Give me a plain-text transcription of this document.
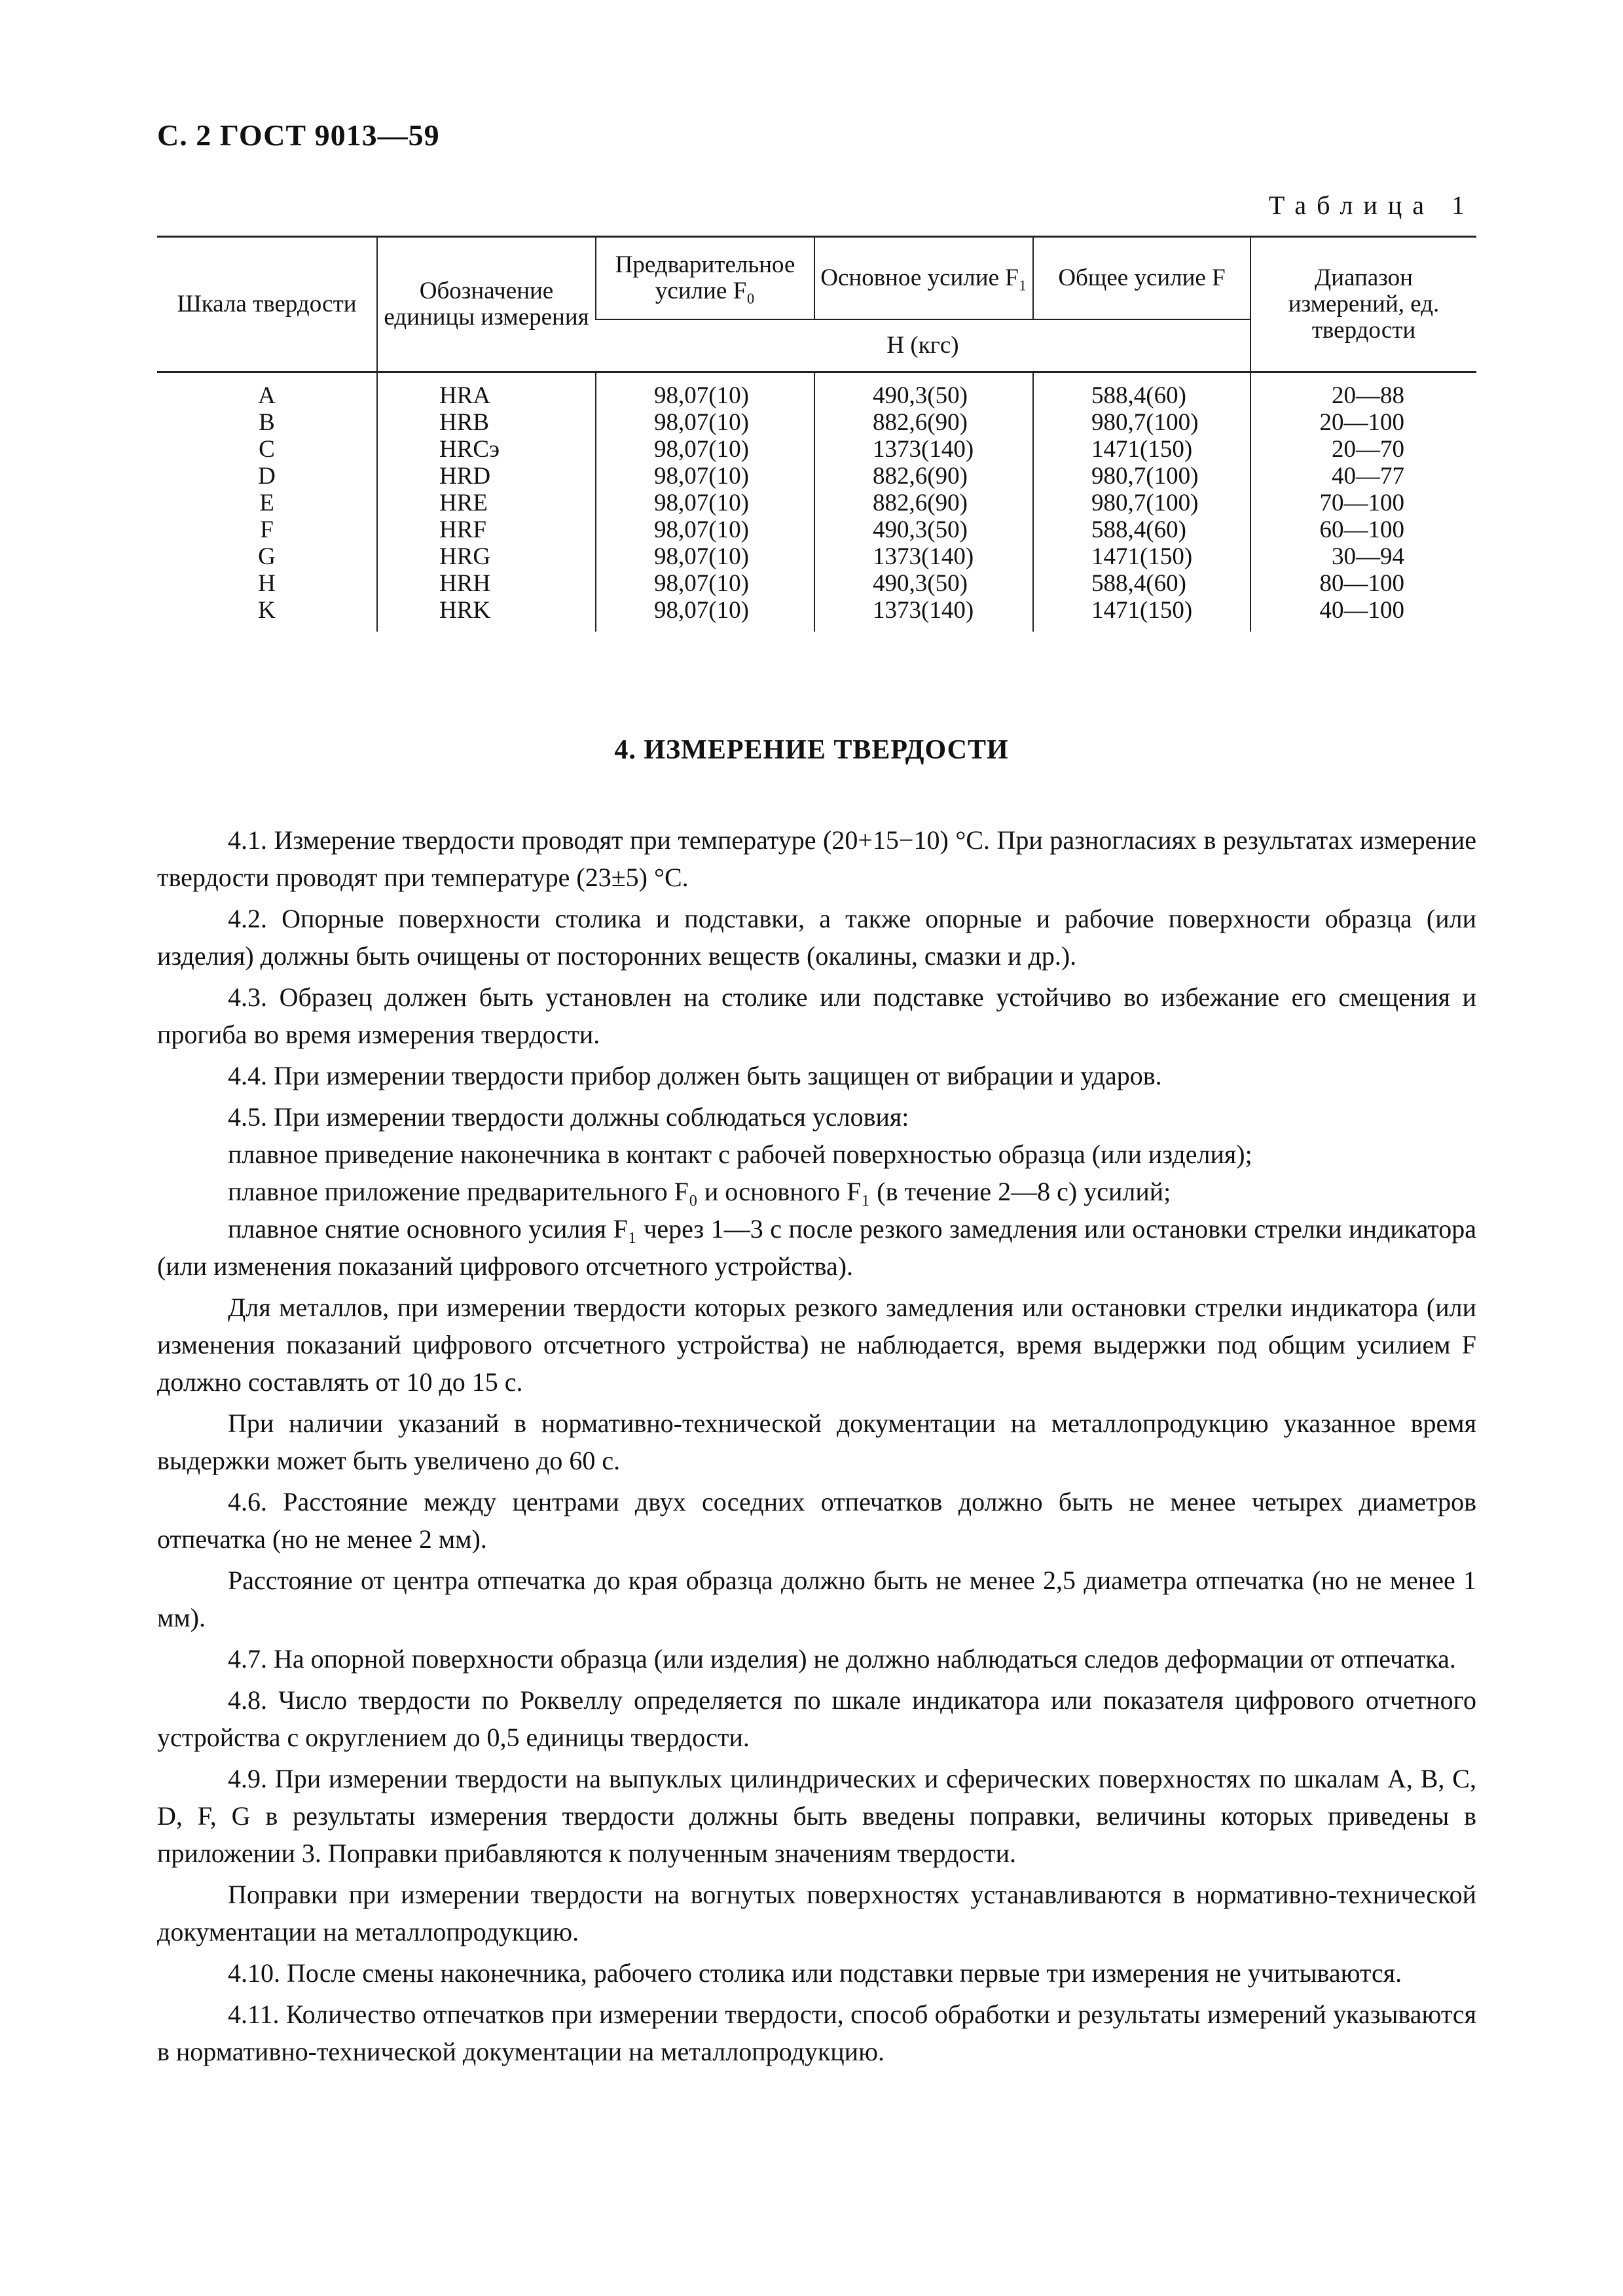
С. 2 ГОСТ 9013—59
Таблица 1
Шкала твердости	Обозначение единицы измерения	Предварительное усилие F₀	Основное усилие F₁	Общее усилие F	Диапазон измерений, ед. твердости
		Н (кгс)			
A	HRA	98,07(10)	490,3(50)	588,4(60)	20—88
B	HRB	98,07(10)	882,6(90)	980,7(100)	20—100
C	HRCэ	98,07(10)	1373(140)	1471(150)	20—70
D	HRD	98,07(10)	882,6(90)	980,7(100)	40—77
E	HRE	98,07(10)	882,6(90)	980,7(100)	70—100
F	HRF	98,07(10)	490,3(50)	588,4(60)	60—100
G	HRG	98,07(10)	1373(140)	1471(150)	30—94
H	HRH	98,07(10)	490,3(50)	588,4(60)	80—100
K	HRK	98,07(10)	1373(140)	1471(150)	40—100
4. ИЗМЕРЕНИЕ ТВЕРДОСТИ

4.1. Измерение твердости проводят при температуре (20+15−10) °С. При разногласиях в результатах измерение твердости проводят при температуре (23±5) °С.

4.2. Опорные поверхности столика и подставки, а также опорные и рабочие поверхности образца (или изделия) должны быть очищены от посторонних веществ (окалины, смазки и др.).

4.3. Образец должен быть установлен на столике или подставке устойчиво во избежание его смещения и прогиба во время измерения твердости.

4.4. При измерении твердости прибор должен быть защищен от вибрации и ударов.

4.5. При измерении твердости должны соблюдаться условия:

плавное приведение наконечника в контакт с рабочей поверхностью образца (или изделия);

плавное приложение предварительного F₀ и основного F₁ (в течение 2—8 с) усилий;

плавное снятие основного усилия F₁ через 1—3 с после резкого замедления или остановки стрелки индикатора (или изменения показаний цифрового отсчетного устройства).

Для металлов, при измерении твердости которых резкого замедления или остановки стрелки индикатора (или изменения показаний цифрового отсчетного устройства) не наблюдается, время выдержки под общим усилием F должно составлять от 10 до 15 с.

При наличии указаний в нормативно-технической документации на металлопродукцию указанное время выдержки может быть увеличено до 60 с.

4.6. Расстояние между центрами двух соседних отпечатков должно быть не менее четырех диаметров отпечатка (но не менее 2 мм).

Расстояние от центра отпечатка до края образца должно быть не менее 2,5 диаметра отпечатка (но не менее 1 мм).

4.7. На опорной поверхности образца (или изделия) не должно наблюдаться следов деформации от отпечатка.

4.8. Число твердости по Роквеллу определяется по шкале индикатора или показателя цифрового отчетного устройства с округлением до 0,5 единицы твердости.

4.9. При измерении твердости на выпуклых цилиндрических и сферических поверхностях по шкалам A, B, C, D, F, G в результаты измерения твердости должны быть введены поправки, величины которых приведены в приложении 3. Поправки прибавляются к полученным значениям твердости.

Поправки при измерении твердости на вогнутых поверхностях устанавливаются в нормативно-технической документации на металлопродукцию.

4.10. После смены наконечника, рабочего столика или подставки первые три измерения не учитываются.

4.11. Количество отпечатков при измерении твердости, способ обработки и результаты измерений указываются в нормативно-технической документации на металлопродукцию.
